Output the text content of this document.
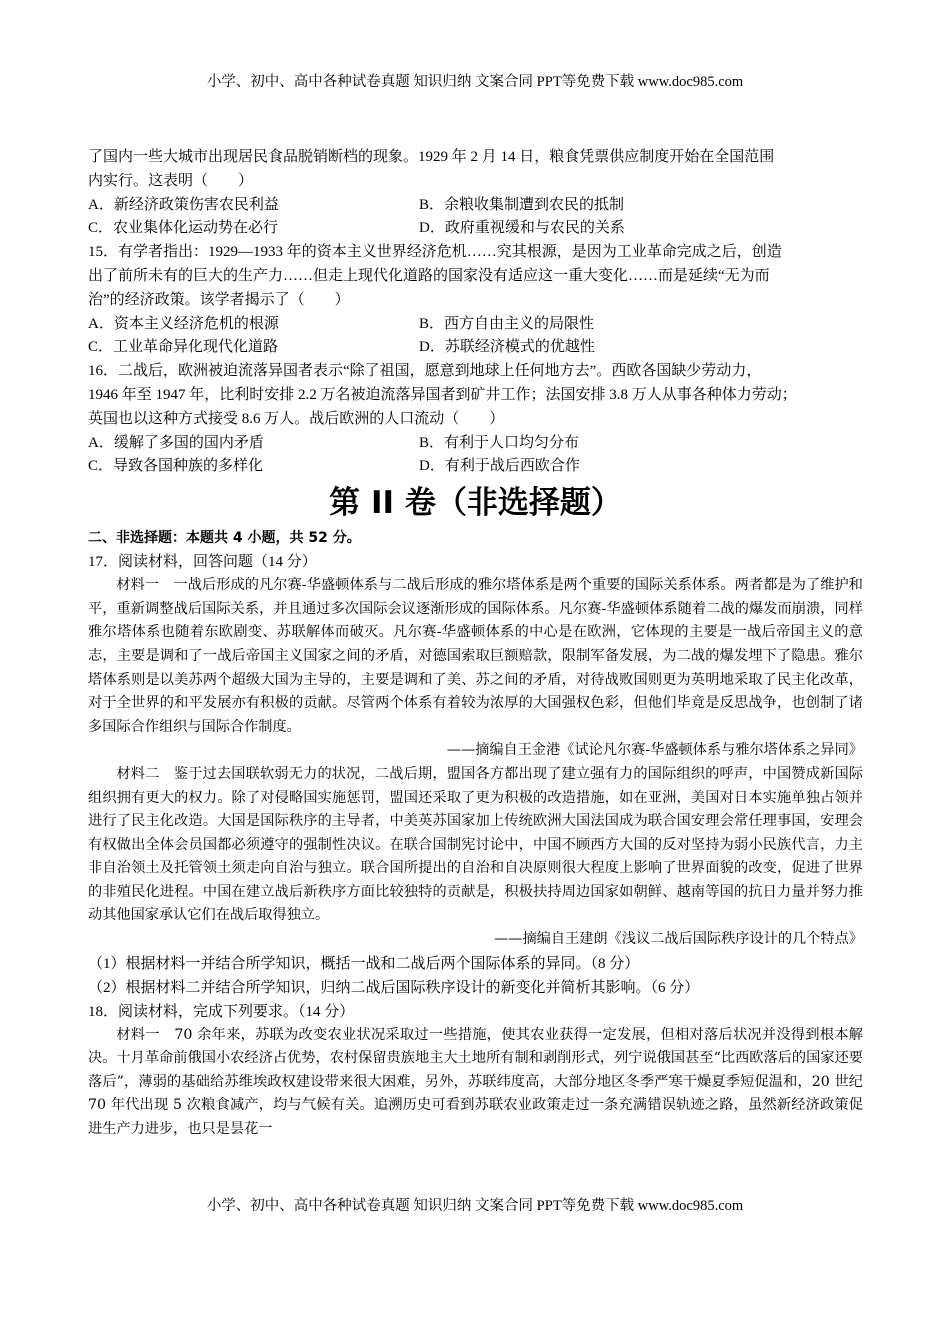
小学、初中、高中各种试卷真题 知识归纳 文案合同 PPT等免费下载 www.doc985.com
了国内一些大城市出现居民食品脱销断档的现象。1929 年 2 月 14 日，粮食凭票供应制度开始在全国范围
内实行。这表明（　　）
A．新经济政策伤害农民利益	B．余粮收集制遭到农民的抵制
C．农业集体化运动势在必行	D．政府重视缓和与农民的关系
15．有学者指出：1929—1933 年的资本主义世界经济危机……究其根源，是因为工业革命完成之后，创造
出了前所未有的巨大的生产力……但走上现代化道路的国家没有适应这一重大变化……而是延续“无为而
治”的经济政策。该学者揭示了（　　）
A．资本主义经济危机的根源	B．西方自由主义的局限性
C．工业革命异化现代化道路	D．苏联经济模式的优越性
16．二战后，欧洲被迫流落异国者表示“除了祖国，愿意到地球上任何地方去”。西欧各国缺少劳动力，
1946 年至 1947 年，比利时安排 2.2 万名被迫流落异国者到矿井工作；法国安排 3.8 万人从事各种体力劳动；
英国也以这种方式接受 8.6 万人。战后欧洲的人口流动（　　）
A．缓解了多国的国内矛盾	B．有利于人口均匀分布
C．导致各国种族的多样化	D．有利于战后西欧合作
第 II 卷（非选择题）
二、非选择题：本题共 4 小题，共 52 分。
17．阅读材料，回答问题（14 分）

材料一　一战后形成的凡尔赛-华盛顿体系与二战后形成的雅尔塔体系是两个重要的国际关系体系。两者都是为了维护和平，重新调整战后国际关系，并且通过多次国际会议逐渐形成的国际体系。凡尔赛-华盛顿体系随着二战的爆发而崩溃，同样雅尔塔体系也随着东欧剧变、苏联解体而破灭。凡尔赛-华盛顿体系的中心是在欧洲，它体现的主要是一战后帝国主义的意志，主要是调和了一战后帝国主义国家之间的矛盾，对德国索取巨额赔款，限制军备发展，为二战的爆发埋下了隐患。雅尔塔体系则是以美苏两个超级大国为主导的，主要是调和了美、苏之间的矛盾，对待战败国则更为英明地采取了民主化改革，对于全世界的和平发展亦有积极的贡献。尽管两个体系有着较为浓厚的大国强权色彩，但他们毕竟是反思战争，也创制了诸多国际合作组织与国际合作制度。

——摘编自王金港《试论凡尔赛-华盛顿体系与雅尔塔体系之异同》

材料二　鉴于过去国联软弱无力的状况，二战后期，盟国各方都出现了建立强有力的国际组织的呼声，中国赞成新国际组织拥有更大的权力。除了对侵略国实施惩罚，盟国还采取了更为积极的改造措施，如在亚洲，美国对日本实施单独占领并进行了民主化改造。大国是国际秩序的主导者，中美英苏国家加上传统欧洲大国法国成为联合国安理会常任理事国，安理会有权做出全体会员国都必须遵守的强制性决议。在联合国制宪讨论中，中国不顾西方大国的反对坚持为弱小民族代言，力主非自治领土及托管领土须走向自治与独立。联合国所提出的自治和自决原则很大程度上影响了世界面貌的改变，促进了世界的非殖民化进程。中国在建立战后新秩序方面比较独特的贡献是，积极扶持周边国家如朝鲜、越南等国的抗日力量并努力推动其他国家承认它们在战后取得独立。

——摘编自王建朗《浅议二战后国际秩序设计的几个特点》
（1）根据材料一并结合所学知识，概括一战和二战后两个国际体系的异同。（8 分）
（2）根据材料二并结合所学知识，归纳二战后国际秩序设计的新变化并简析其影响。（6 分）
18．阅读材料，完成下列要求。（14 分）

材料一　70 余年来，苏联为改变农业状况采取过一些措施，使其农业获得一定发展，但相对落后状况并没得到根本解决。十月革命前俄国小农经济占优势，农村保留贵族地主大土地所有制和剥削形式，列宁说俄国甚至“比西欧落后的国家还要落后”，薄弱的基础给苏维埃政权建设带来很大困难，另外，苏联纬度高，大部分地区冬季严寒干燥夏季短促温和，20 世纪 70 年代出现 5 次粮食减产，均与气候有关。追溯历史可看到苏联农业政策走过一条充满错误轨迹之路，虽然新经济政策促进生产力进步，也只是昙花一

小学、初中、高中各种试卷真题 知识归纳 文案合同 PPT等免费下载 www.doc985.com
